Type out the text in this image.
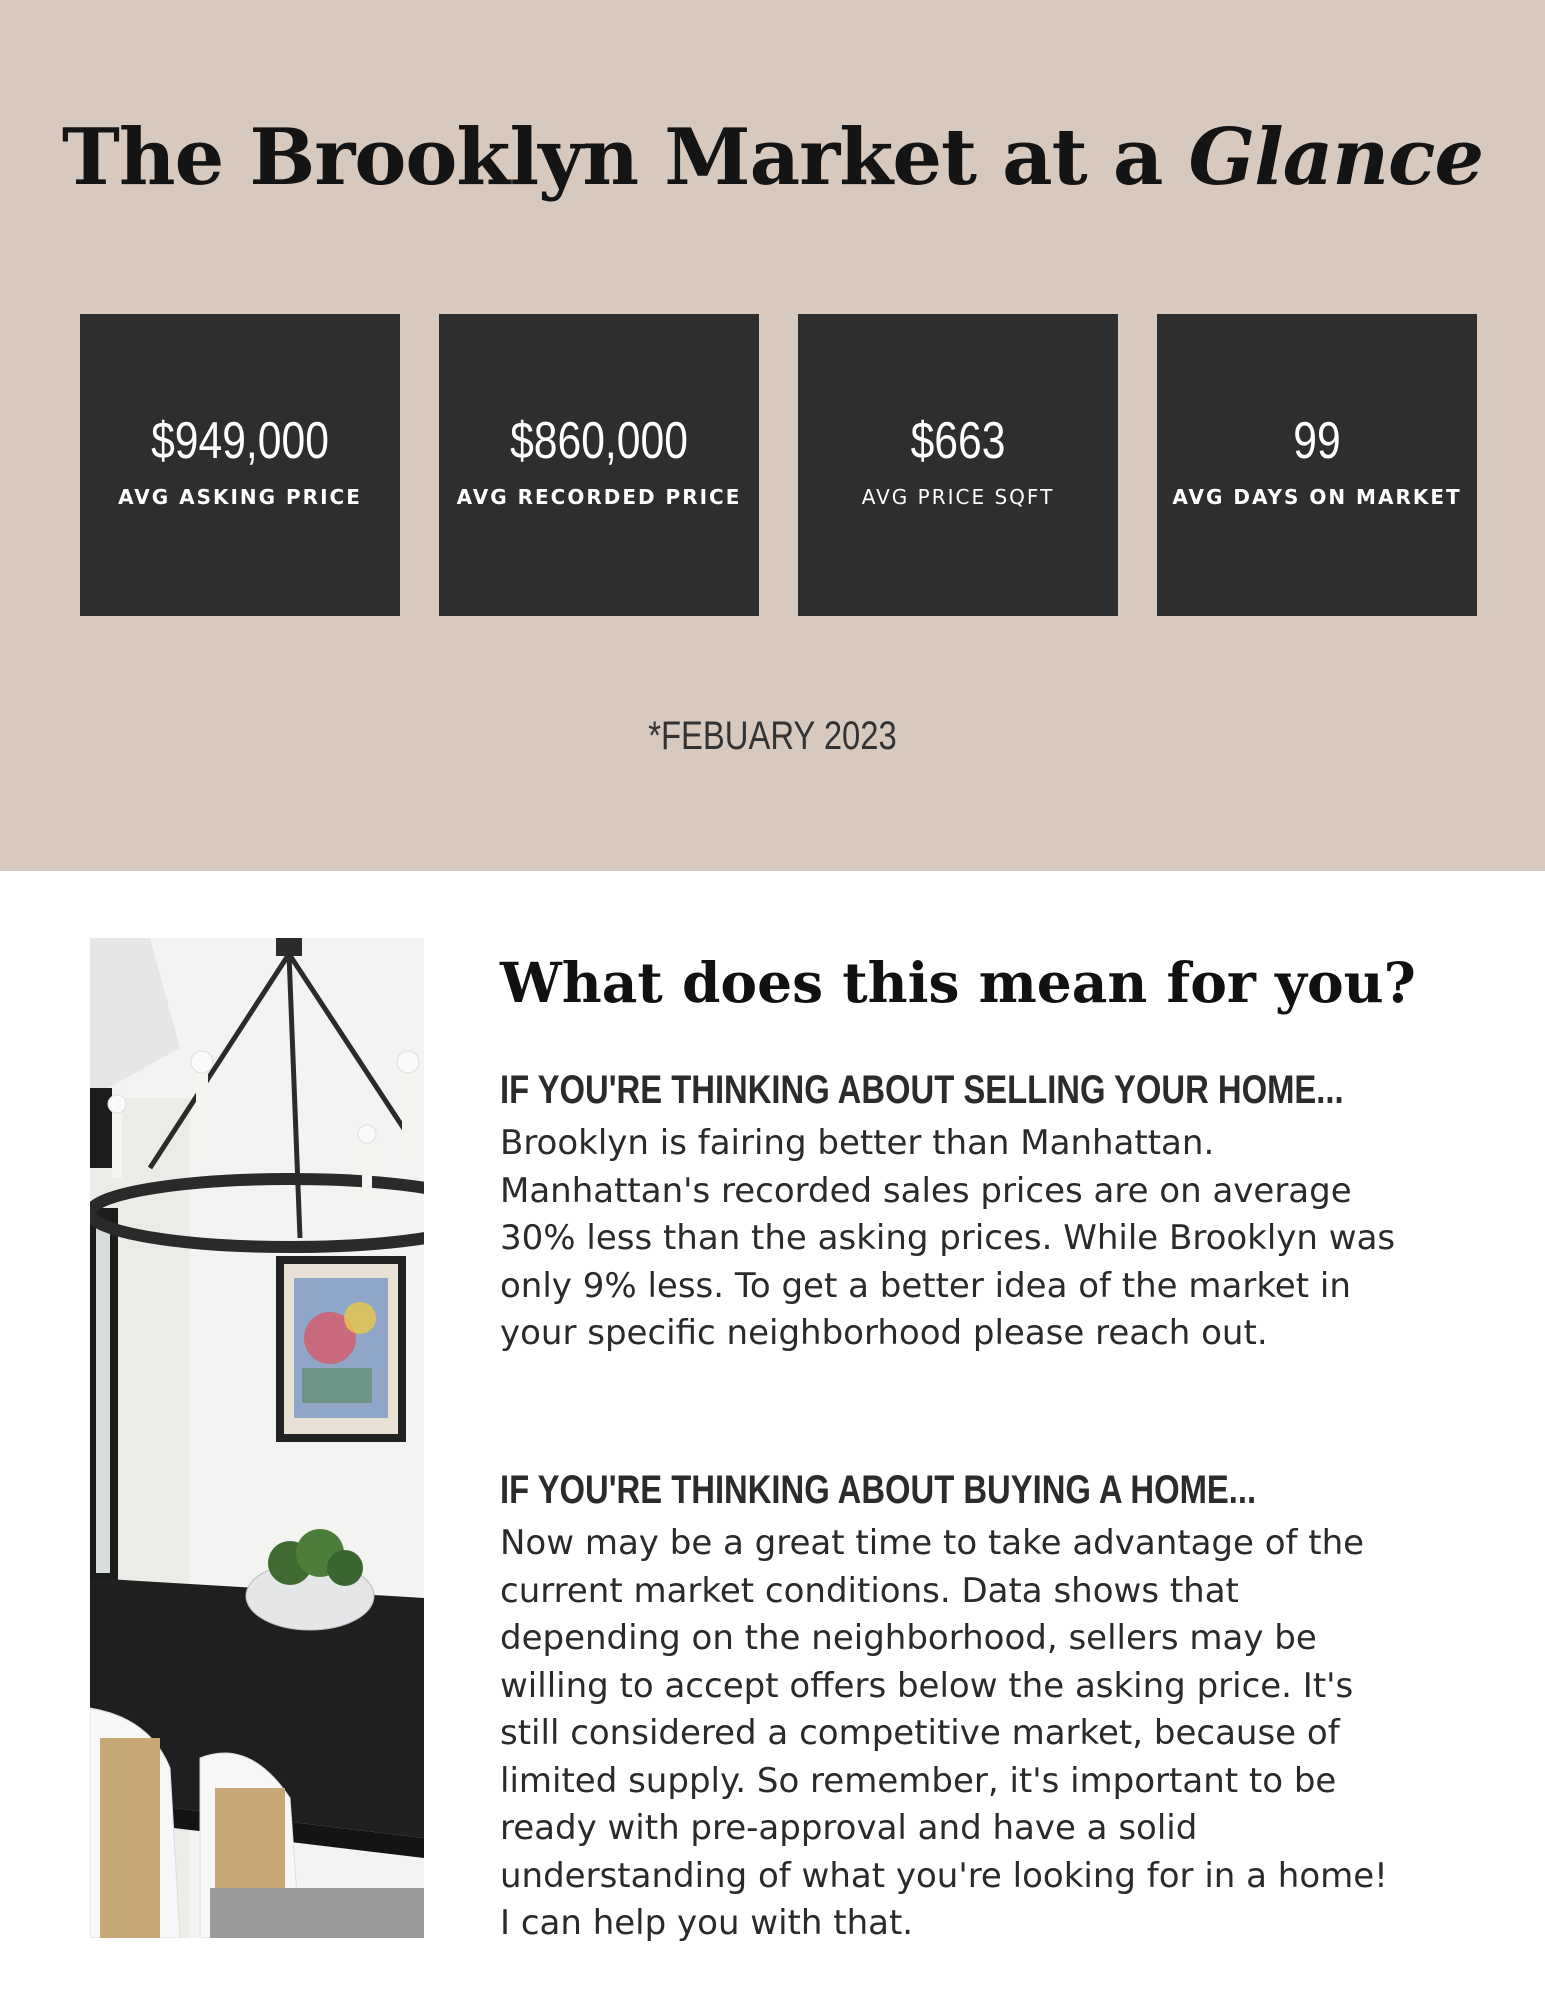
The Brooklyn Market at a Glance
$949,000
AVG ASKING PRICE
$860,000
AVG RECORDED PRICE
$663
AVG PRICE SQFT
99
AVG DAYS ON MARKET
*FEBUARY 2023
What does this mean for you?
IF YOU'RE THINKING ABOUT SELLING YOUR HOME...
Brooklyn is fairing better than Manhattan. Manhattan's recorded sales prices are on average 30% less than the asking prices. While Brooklyn was only 9% less. To get a better idea of the market in your specific neighborhood please reach out.
IF YOU'RE THINKING ABOUT BUYING A HOME...
Now may be a great time to take advantage of the current market conditions. Data shows that depending on the neighborhood, sellers may be willing to accept offers below the asking price. It's still considered a competitive market, because of limited supply. So remember, it's important to be ready with pre-approval and have a solid understanding of what you're looking for in a home! I can help you with that.
